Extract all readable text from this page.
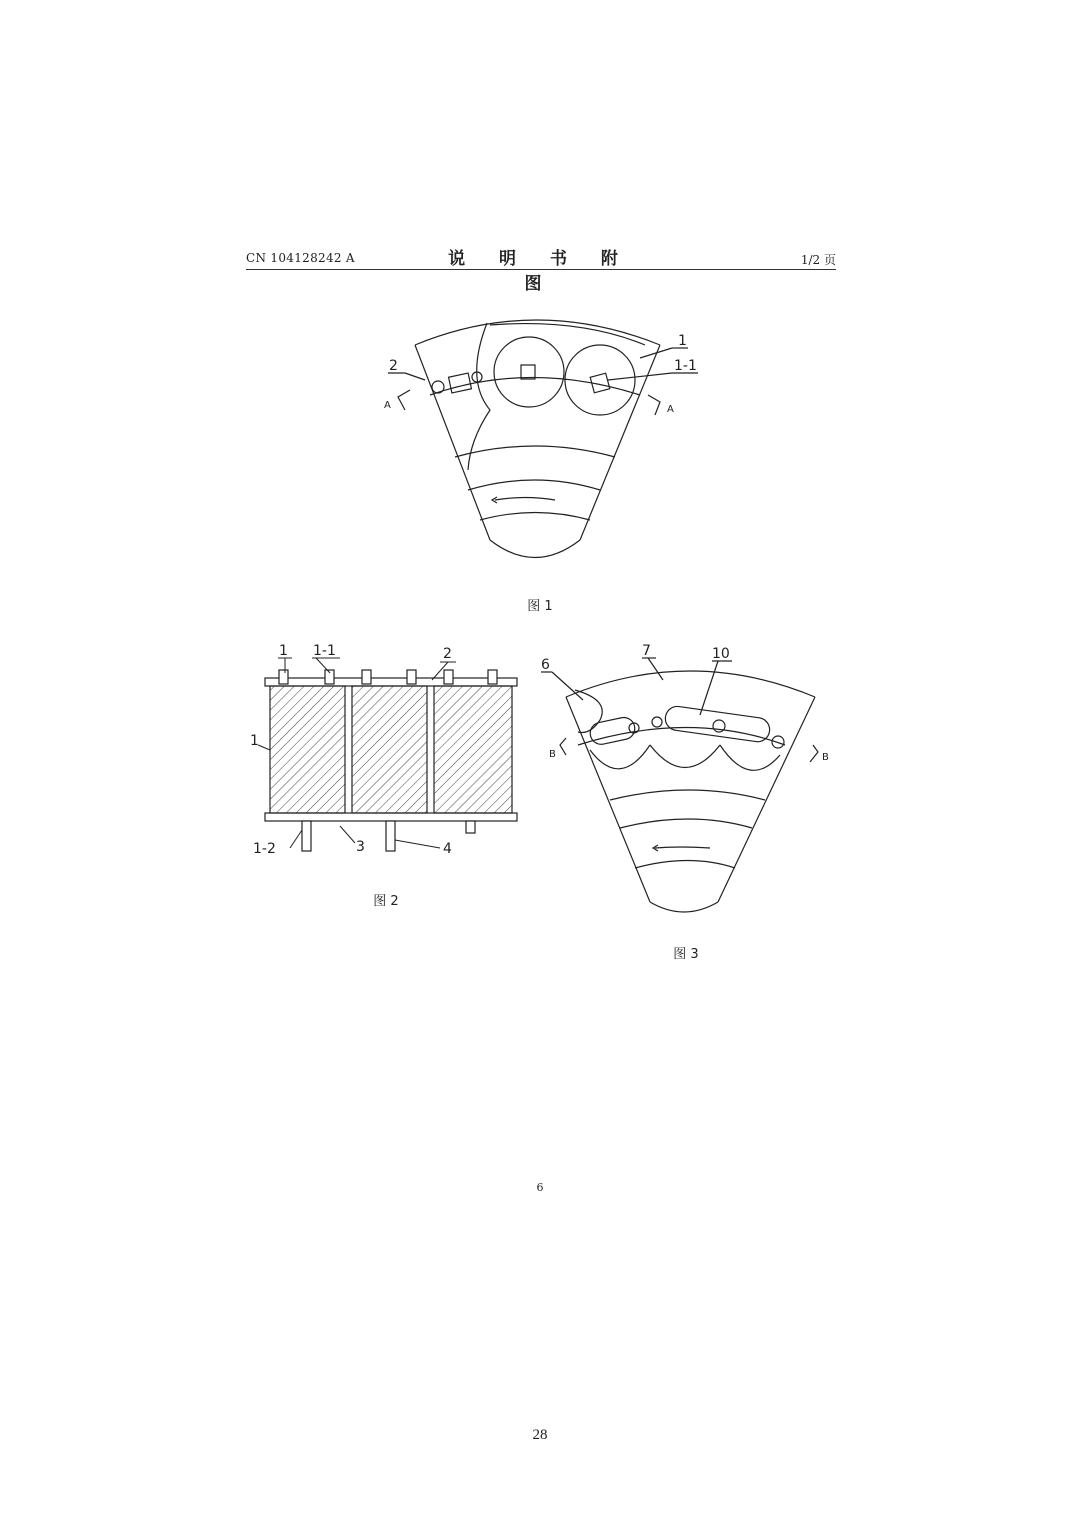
CN 104128242 A	说 明 书 附 图
1/2 页
1
1-1
2
A	A
图 1
1 1-1	2
1
1-2	3	4
图 2
6
7	10
B	B
图 3
6
28
